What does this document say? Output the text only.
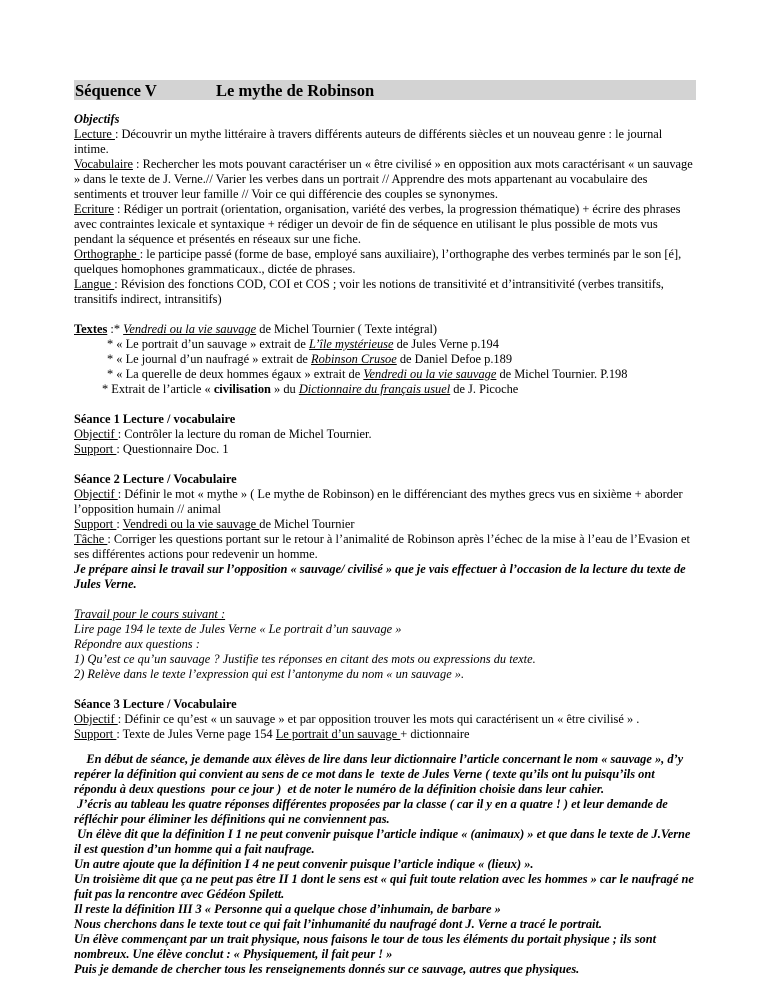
Séquence V	Le mythe de Robinson

Objectifs

Lecture : Découvrir un mythe littéraire à travers différents auteurs de différents siècles et un nouveau genre : le journal intime.

Vocabulaire : Rechercher les mots pouvant caractériser un « être civilisé » en opposition aux mots caractérisant « un sauvage » dans le texte de J. Verne.// Varier les verbes dans un portrait // Apprendre des mots appartenant au vocabulaire des sentiments et trouver leur famille // Voir ce qui différencie des couples se synonymes.

Ecriture : Rédiger un portrait (orientation, organisation, variété des verbes, la progression thématique) + écrire des phrases avec contraintes lexicale et syntaxique + rédiger un devoir de fin de séquence en utilisant le plus possible de mots vus pendant la séquence et présentés en réseaux sur une fiche.

Orthographe : le participe passé (forme de base, employé sans auxiliaire), l’orthographe des verbes terminés par le son [é], quelques homophones grammaticaux., dictée de phrases.

Langue : Révision des fonctions COD, COI et COS ; voir les notions de transitivité et d’intransitivité (verbes transitifs, transitifs indirect, intransitifs)

Textes :* Vendredi ou la vie sauvage de Michel Tournier ( Texte intégral)

* « Le portrait d’un sauvage » extrait de L’île mystérieuse de Jules Verne p.194

* « Le journal d’un naufragé » extrait de Robinson Crusoe de Daniel Defoe p.189

* « La querelle de deux hommes égaux » extrait de Vendredi ou la vie sauvage de Michel Tournier. P.198

* Extrait de l’article « civilisation » du Dictionnaire du français usuel de J. Picoche

Séance 1 Lecture / vocabulaire

Objectif : Contrôler la lecture du roman de Michel Tournier.

Support : Questionnaire Doc. 1

Séance 2 Lecture / Vocabulaire

Objectif : Définir le mot « mythe » ( Le mythe de Robinson) en le différenciant des mythes grecs vus en sixième + aborder l’opposition humain // animal

Support : Vendredi ou la vie sauvage de Michel Tournier

Tâche : Corriger les questions portant sur le retour à l’animalité de Robinson après l’échec de la mise à l’eau de l’Evasion et ses différentes actions pour redevenir un homme.

Je prépare ainsi le travail sur l’opposition « sauvage/ civilisé » que je vais effectuer à l’occasion de la lecture du texte de Jules Verne.

Travail pour le cours suivant :

Lire page 194 le texte de Jules Verne « Le portrait d’un sauvage »

Répondre aux questions :

1) Qu’est ce qu’un sauvage ? Justifie tes réponses en citant des mots ou expressions du texte.

2) Relève dans le texte l’expression qui est l’antonyme du nom « un sauvage ».

Séance 3 Lecture / Vocabulaire

Objectif : Définir ce qu’est « un sauvage » et par opposition trouver les mots qui caractérisent un « être civilisé » .

Support : Texte de Jules Verne page 154 Le portrait d’un sauvage + dictionnaire

En début de séance, je demande aux élèves de lire dans leur dictionnaire l’article concernant le nom « sauvage », d’y repérer la définition qui convient au sens de ce mot dans le  texte de Jules Verne ( texte qu’ils ont lu puisqu’ils ont répondu à deux questions  pour ce jour )  et de noter le numéro de la définition choisie dans leur cahier.

J’écris au tableau les quatre réponses différentes proposées par la classe ( car il y en a quatre ! ) et leur demande de réfléchir pour éliminer les définitions qui ne conviennent pas.

Un élève dit que la définition I 1 ne peut convenir puisque l’article indique « (animaux) » et que dans le texte de J.Verne il est question d’un homme qui a fait naufrage.

Un autre ajoute que la définition I 4 ne peut convenir puisque l’article indique « (lieux) ».

Un troisième dit que ça ne peut pas être II 1 dont le sens est « qui fuit toute relation avec les hommes » car le naufragé ne fuit pas la rencontre avec Gédéon Spilett.

Il reste la définition III 3 « Personne qui a quelque chose d’inhumain, de barbare »

Nous cherchons dans le texte tout ce qui fait l’inhumanité du naufragé dont J. Verne a tracé le portrait.

Un élève commençant par un trait physique, nous faisons le tour de tous les éléments du portait physique ; ils sont nombreux. Une élève conclut : « Physiquement, il fait peur ! »

Puis je demande de chercher tous les renseignements donnés sur ce sauvage, autres que physiques.
